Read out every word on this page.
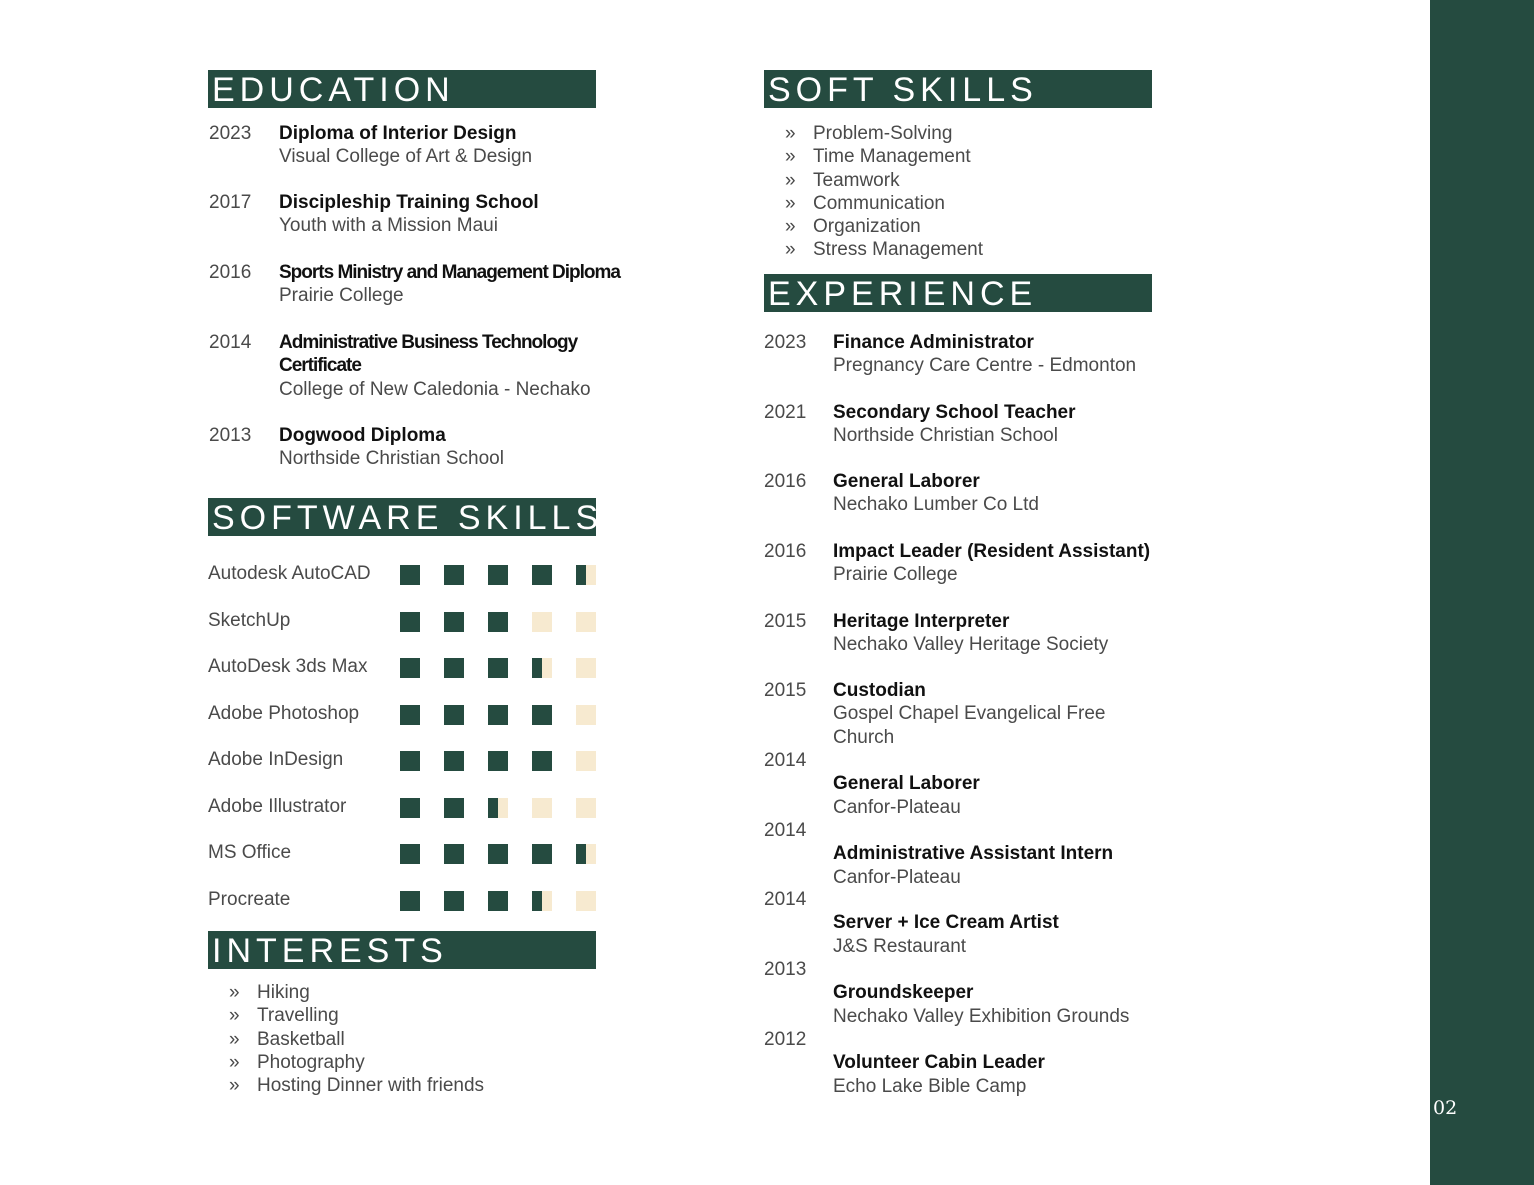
02
EDUCATION
2023 Diploma of Interior Design
Visual College of Art & Design
2017 Discipleship Training School
Youth with a Mission Maui
2016 Sports Ministry and Management Diploma
Prairie College
2014 Administrative Business Technology
Certificate
College of New Caledonia - Nechako
2013 Dogwood Diploma
Northside Christian School
SOFTWARE SKILLS
Autodesk AutoCAD
SketchUp
AutoDesk 3ds Max
Adobe Photoshop
Adobe InDesign
Adobe Illustrator
MS Office
Procreate
INTERESTS
» Hiking
» Travelling
» Basketball
» Photography
» Hosting Dinner with friends
SOFT SKILLS
» Problem-Solving
» Time Management
» Teamwork
» Communication
» Organization
» Stress Management
EXPERIENCE
2023 Finance Administrator
Pregnancy Care Centre - Edmonton
2021 Secondary School Teacher
Northside Christian School
2016 General Laborer
Nechako Lumber Co Ltd
2016 Impact Leader (Resident Assistant)
Prairie College
2015 Heritage Interpreter
Nechako Valley Heritage Society
2015 Custodian
Gospel Chapel Evangelical Free
Church
2014
General Laborer
Canfor-Plateau
2014
Administrative Assistant Intern
Canfor-Plateau
2014
Server + Ice Cream Artist
J&S Restaurant
2013
Groundskeeper
Nechako Valley Exhibition Grounds
2012
Volunteer Cabin Leader
Echo Lake Bible Camp
